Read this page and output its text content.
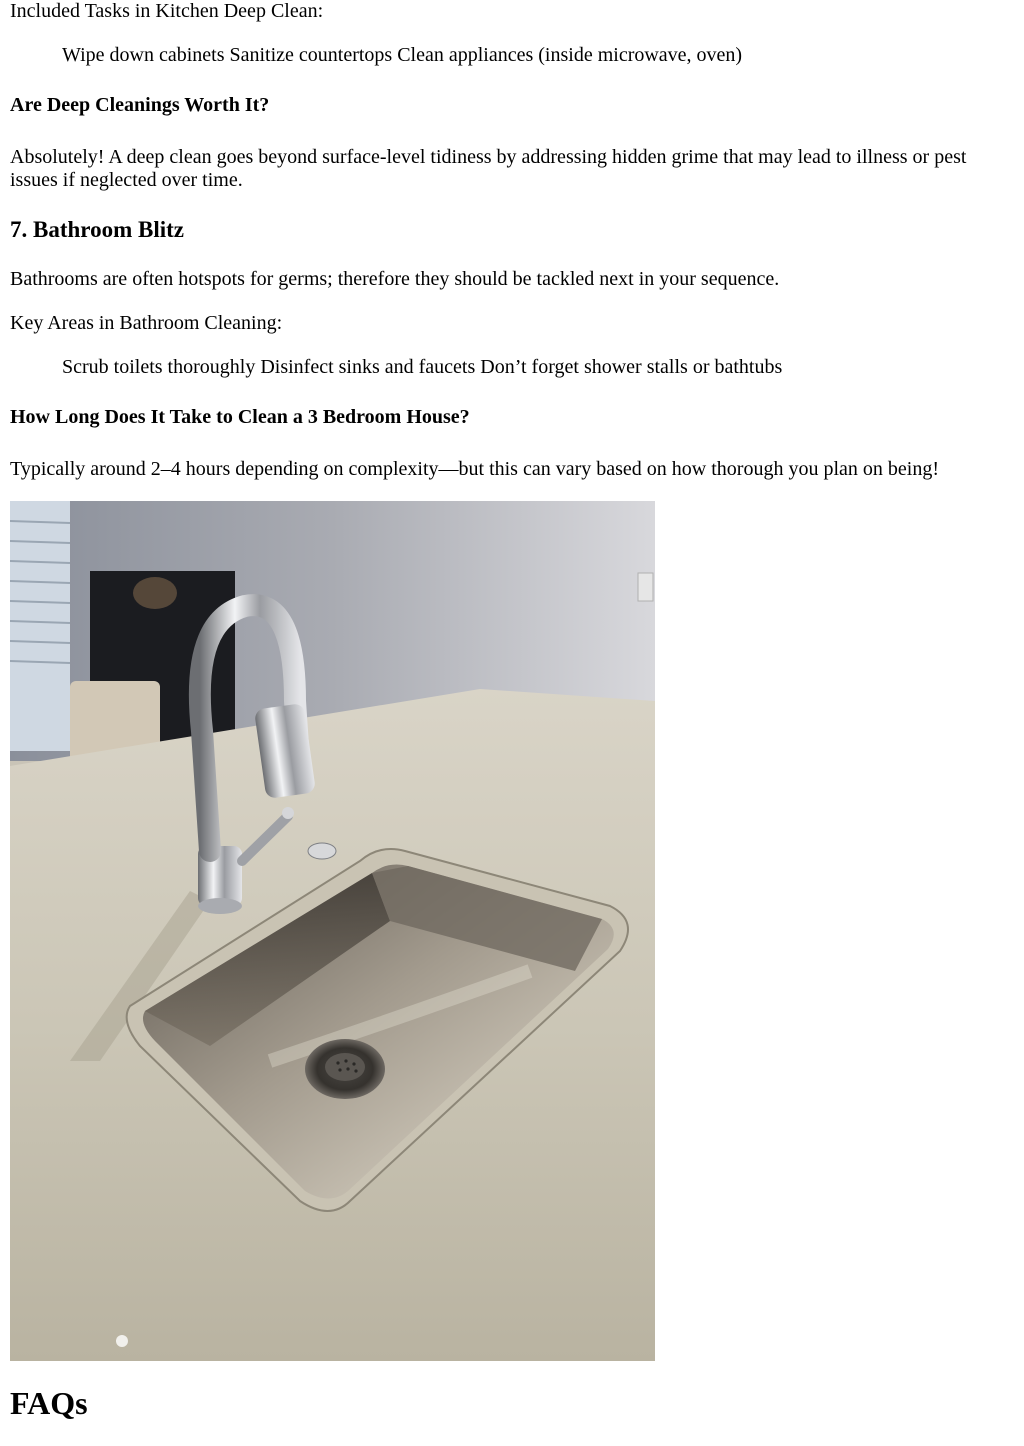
Included Tasks in Kitchen Deep Clean:

Wipe down cabinets Sanitize countertops Clean appliances (inside microwave, oven)

Are Deep Cleanings Worth It?

Absolutely! A deep clean goes beyond surface-level tidiness by addressing hidden grime that may lead to illness or pest issues if neglected over time.

7. Bathroom Blitz

Bathrooms are often hotspots for germs; therefore they should be tackled next in your sequence.

Key Areas in Bathroom Cleaning:

Scrub toilets thoroughly Disinfect sinks and faucets Don’t forget shower stalls or bathtubs

How Long Does It Take to Clean a 3 Bedroom House?

Typically around 2–4 hours depending on complexity—but this can vary based on how thorough you plan on being!

FAQs
